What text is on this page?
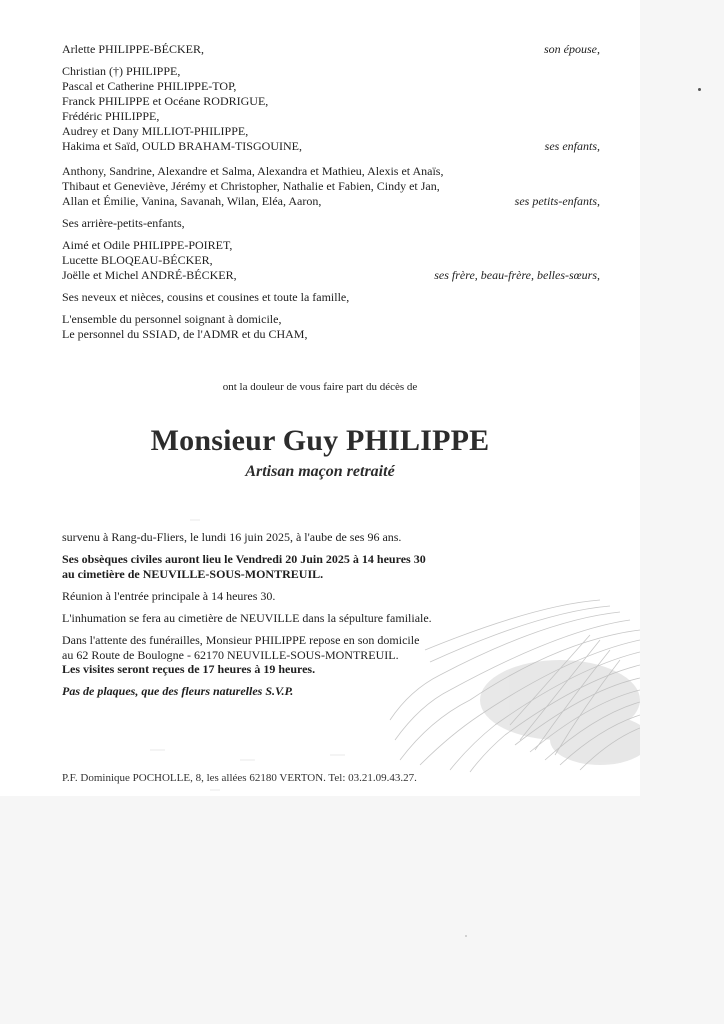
Arlette PHILIPPE-BÉCKER,	son épouse,
Christian (†) PHILIPPE,
Pascal et Catherine PHILIPPE-TOP,
Franck PHILIPPE et Océane RODRIGUE,
Frédéric PHILIPPE,
Audrey et Dany MILLIOT-PHILIPPE,
Hakima et Saïd, OULD BRAHAM-TISGOUINE,	ses enfants,
Anthony, Sandrine, Alexandre et Salma, Alexandra et Mathieu, Alexis et Anaïs,
Thibaut et Geneviève, Jérémy et Christopher, Nathalie et Fabien, Cindy et Jan,
Allan et Émilie, Vanina, Savanah, Wilan, Eléa, Aaron,	ses petits-enfants,
Ses arrière-petits-enfants,
Aimé et Odile PHILIPPE-POIRET,
Lucette BLOQEAU-BÉCKER,
Joëlle et Michel ANDRÉ-BÉCKER,	ses frère, beau-frère, belles-sœurs,
Ses neveux et nièces, cousins et cousines et toute la famille,
L'ensemble du personnel soignant à domicile,
Le personnel du SSIAD, de l'ADMR et du CHAM,
ont la douleur de vous faire part du décès de
Monsieur Guy PHILIPPE
Artisan maçon retraité
survenu à Rang-du-Fliers, le lundi 16 juin 2025, à l'aube de ses 96 ans.
Ses obsèques civiles auront lieu le Vendredi 20 Juin 2025 à 14 heures 30
au cimetière de NEUVILLE-SOUS-MONTREUIL.
Réunion à l'entrée principale à 14 heures 30.
L'inhumation se fera au cimetière de NEUVILLE dans la sépulture familiale.
Dans l'attente des funérailles, Monsieur PHILIPPE repose en son domicile
au 62 Route de Boulogne - 62170 NEUVILLE-SOUS-MONTREUIL.
Les visites seront reçues de 17 heures à 19 heures.
Pas de plaques, que des fleurs naturelles S.V.P.
P.F. Dominique POCHOLLE, 8, les allées 62180 VERTON. Tel: 03.21.09.43.27.
